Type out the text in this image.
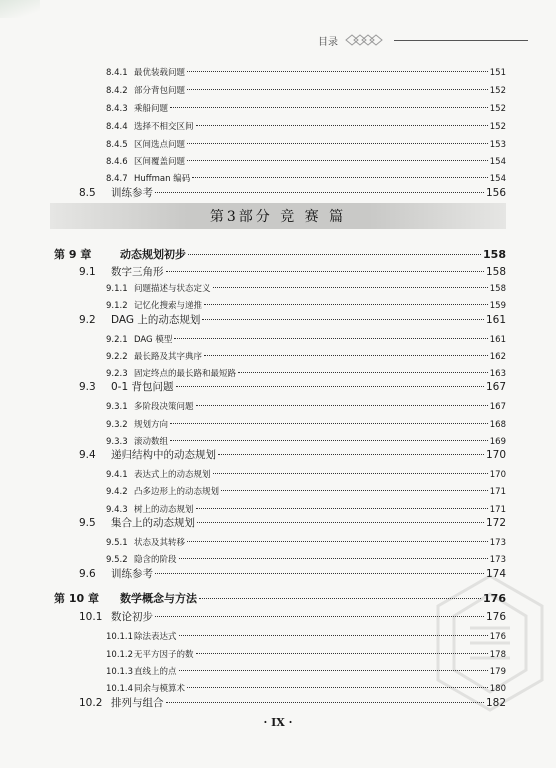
目录
8.4.1 最优装载问题	151
8.4.2 部分背包问题	152
8.4.3 乘船问题	152
8.4.4 选择不相交区间	152
8.4.5 区间选点问题	153
8.4.6 区间覆盖问题	154
8.4.7 Huffman 编码	154
8.5	训练参考	156
第3部分 竞 赛 篇
第 9 章	动态规划初步	158
9.1	数字三角形	158
9.1.1 问题描述与状态定义	158
9.1.2 记忆化搜索与递推	159
9.2	DAG 上的动态规划	161
9.2.1 DAG 模型	161
9.2.2 最长路及其字典序	162
9.2.3 固定终点的最长路和最短路	163
9.3	0-1 背包问题	167
9.3.1 多阶段决策问题	167
9.3.2 规划方向	168
9.3.3 滚动数组	169
9.4	递归结构中的动态规划	170
9.4.1 表达式上的动态规划	170
9.4.2 凸多边形上的动态规划	171
9.4.3 树上的动态规划	171
9.5	集合上的动态规划	172
9.5.1 状态及其转移	173
9.5.2 隐含的阶段	173
9.6	训练参考	174
第 10 章	数学概念与方法	176
10.1 数论初步	176
10.1.1 除法表达式	176
10.1.2 无平方因子的数	178
10.1.3 直线上的点	179
10.1.4 同余与模算术	180
10.2 排列与组合	182
· IX ·
